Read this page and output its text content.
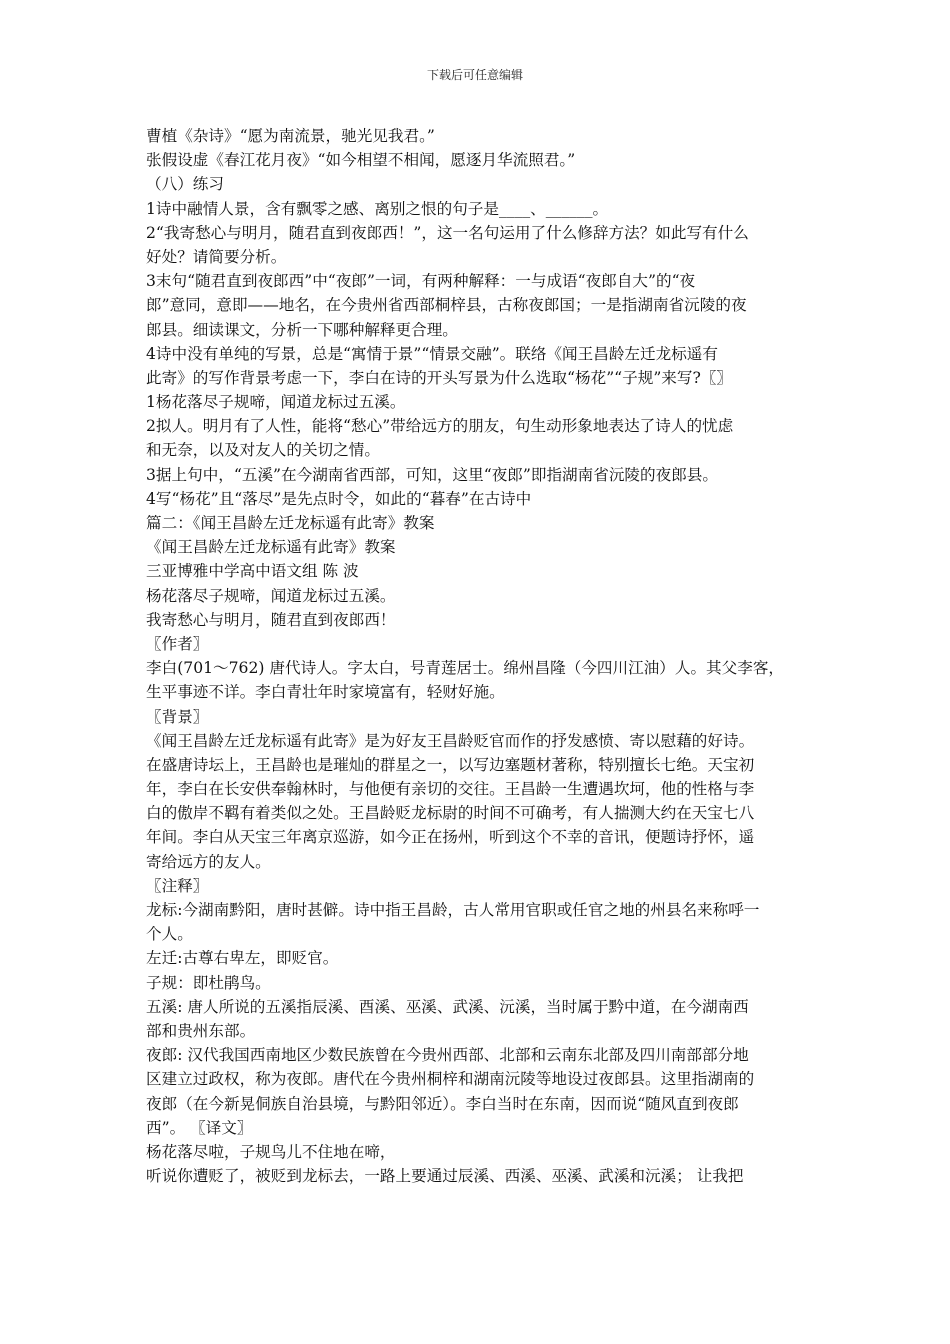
下载后可任意编辑
曹植《杂诗》“愿为南流景，驰光见我君。”
张假设虚《春江花月夜》“如今相望不相闻，愿逐月华流照君。”
（八）练习
1诗中融情人景，含有飘零之感、离别之恨的句子是____、______。
2“我寄愁心与明月，随君直到夜郎西！”，这一名句运用了什么修辞方法？如此写有什么
好处？请简要分析。
3末句“随君直到夜郎西”中“夜郎”一词，有两种解释：一与成语“夜郎自大”的“夜
郎”意同，意即——地名，在今贵州省西部桐梓县，古称夜郎国；一是指湖南省沅陵的夜
郎县。细读课文，分析一下哪种解释更合理。
4诗中没有单纯的写景，总是“寓情于景”“情景交融”。联络《闻王昌龄左迁龙标遥有
此寄》的写作背景考虑一下，李白在诗的开头写景为什么选取“杨花”“子规”来写?〖〗
1杨花落尽子规啼，闻道龙标过五溪。
2拟人。明月有了人性，能将“愁心”带给远方的朋友，句生动形象地表达了诗人的忧虑
和无奈，以及对友人的关切之情。
3据上句中，“五溪”在今湖南省西部，可知，这里“夜郎”即指湖南省沅陵的夜郎县。
4写“杨花”且“落尽”是先点时令，如此的“暮春”在古诗中
篇二：《闻王昌龄左迁龙标遥有此寄》教案
《闻王昌龄左迁龙标遥有此寄》教案
三亚博雅中学高中语文组 陈 波
杨花落尽子规啼，闻道龙标过五溪。
我寄愁心与明月，随君直到夜郎西！
〖作者〗
李白(701～762) 唐代诗人。字太白，号青莲居士。绵州昌隆（今四川江油）人。其父李客，
生平事迹不详。李白青壮年时家境富有，轻财好施。
〖背景〗
《闻王昌龄左迁龙标遥有此寄》是为好友王昌龄贬官而作的抒发感愤、寄以慰藉的好诗。
在盛唐诗坛上，王昌龄也是璀灿的群星之一，以写边塞题材著称，特别擅长七绝。天宝初
年，李白在长安供奉翰林时，与他便有亲切的交往。王昌龄一生遭遇坎坷，他的性格与李
白的傲岸不羁有着类似之处。王昌龄贬龙标尉的时间不可确考，有人揣测大约在天宝七八
年间。李白从天宝三年离京巡游，如今正在扬州，听到这个不幸的音讯，便题诗抒怀，遥
寄给远方的友人。
〖注释〗
龙标:今湖南黔阳，唐时甚僻。诗中指王昌龄，古人常用官职或任官之地的州县名来称呼一
个人。
左迁:古尊右卑左，即贬官。
子规：即杜鹃鸟。
五溪: 唐人所说的五溪指辰溪、酉溪、巫溪、武溪、沅溪，当时属于黔中道，在今湖南西
部和贵州东部。
夜郎: 汉代我国西南地区少数民族曾在今贵州西部、北部和云南东北部及四川南部部分地
区建立过政权，称为夜郎。唐代在今贵州桐梓和湖南沅陵等地设过夜郎县。这里指湖南的
夜郎（在今新晃侗族自治县境，与黔阳邻近）。李白当时在东南，因而说“随风直到夜郎
西”。 〖译文〗
杨花落尽啦，子规鸟儿不住地在啼，
听说你遭贬了，被贬到龙标去，一路上要通过辰溪、西溪、巫溪、武溪和沅溪； 让我把
